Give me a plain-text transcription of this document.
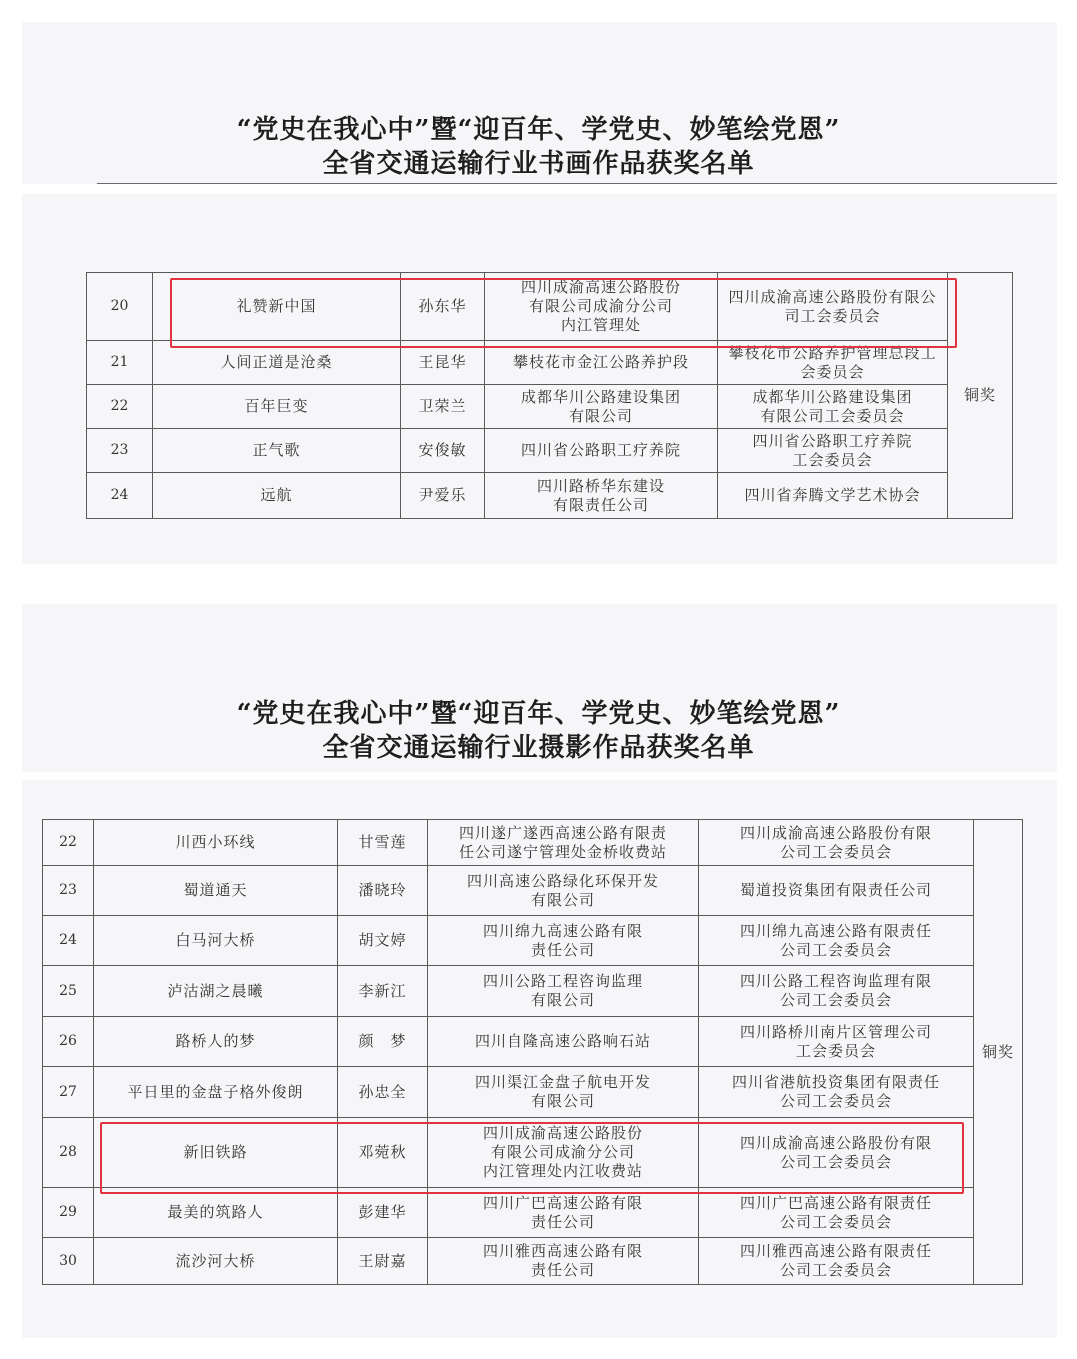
“党史在我心中”暨“迎百年、学党史、妙笔绘党恩”
全省交通运输行业书画作品获奖名单
20	礼赞新中国	孙东华	四川成渝高速公路股份
有限公司成渝分公司
内江管理处	四川成渝高速公路股份有限公
司工会委员会	铜奖
21	人间正道是沧桑	王昆华	攀枝花市金江公路养护段	攀枝花市公路养护管理总段工
会委员会	
22	百年巨变	卫荣兰	成都华川公路建设集团
有限公司	成都华川公路建设集团
有限公司工会委员会	
23	正气歌	安俊敏	四川省公路职工疗养院	四川省公路职工疗养院
工会委员会	
24	远航	尹爱乐	四川路桥华东建设
有限责任公司	四川省奔腾文学艺术协会	
“党史在我心中”暨“迎百年、学党史、妙笔绘党恩”
全省交通运输行业摄影作品获奖名单
22	川西小环线	甘雪莲	四川遂广遂西高速公路有限责
任公司遂宁管理处金桥收费站	四川成渝高速公路股份有限
公司工会委员会	铜奖
23	蜀道通天	潘晓玲	四川高速公路绿化环保开发
有限公司	蜀道投资集团有限责任公司	
24	白马河大桥	胡文婷	四川绵九高速公路有限
责任公司	四川绵九高速公路有限责任
公司工会委员会	
25	泸沽湖之晨曦	李新江	四川公路工程咨询监理
有限公司	四川公路工程咨询监理有限
公司工会委员会	
26	路桥人的梦	颜　梦	四川自隆高速公路响石站	四川路桥川南片区管理公司
工会委员会	
27	平日里的金盘子格外俊朗	孙忠全	四川渠江金盘子航电开发
有限公司	四川省港航投资集团有限责任
公司工会委员会	
28	新旧铁路	邓菀秋	四川成渝高速公路股份
有限公司成渝分公司
内江管理处内江收费站	四川成渝高速公路股份有限
公司工会委员会	
29	最美的筑路人	彭建华	四川广巴高速公路有限
责任公司	四川广巴高速公路有限责任
公司工会委员会	
30	流沙河大桥	王尉嘉	四川雅西高速公路有限
责任公司	四川雅西高速公路有限责任
公司工会委员会	
